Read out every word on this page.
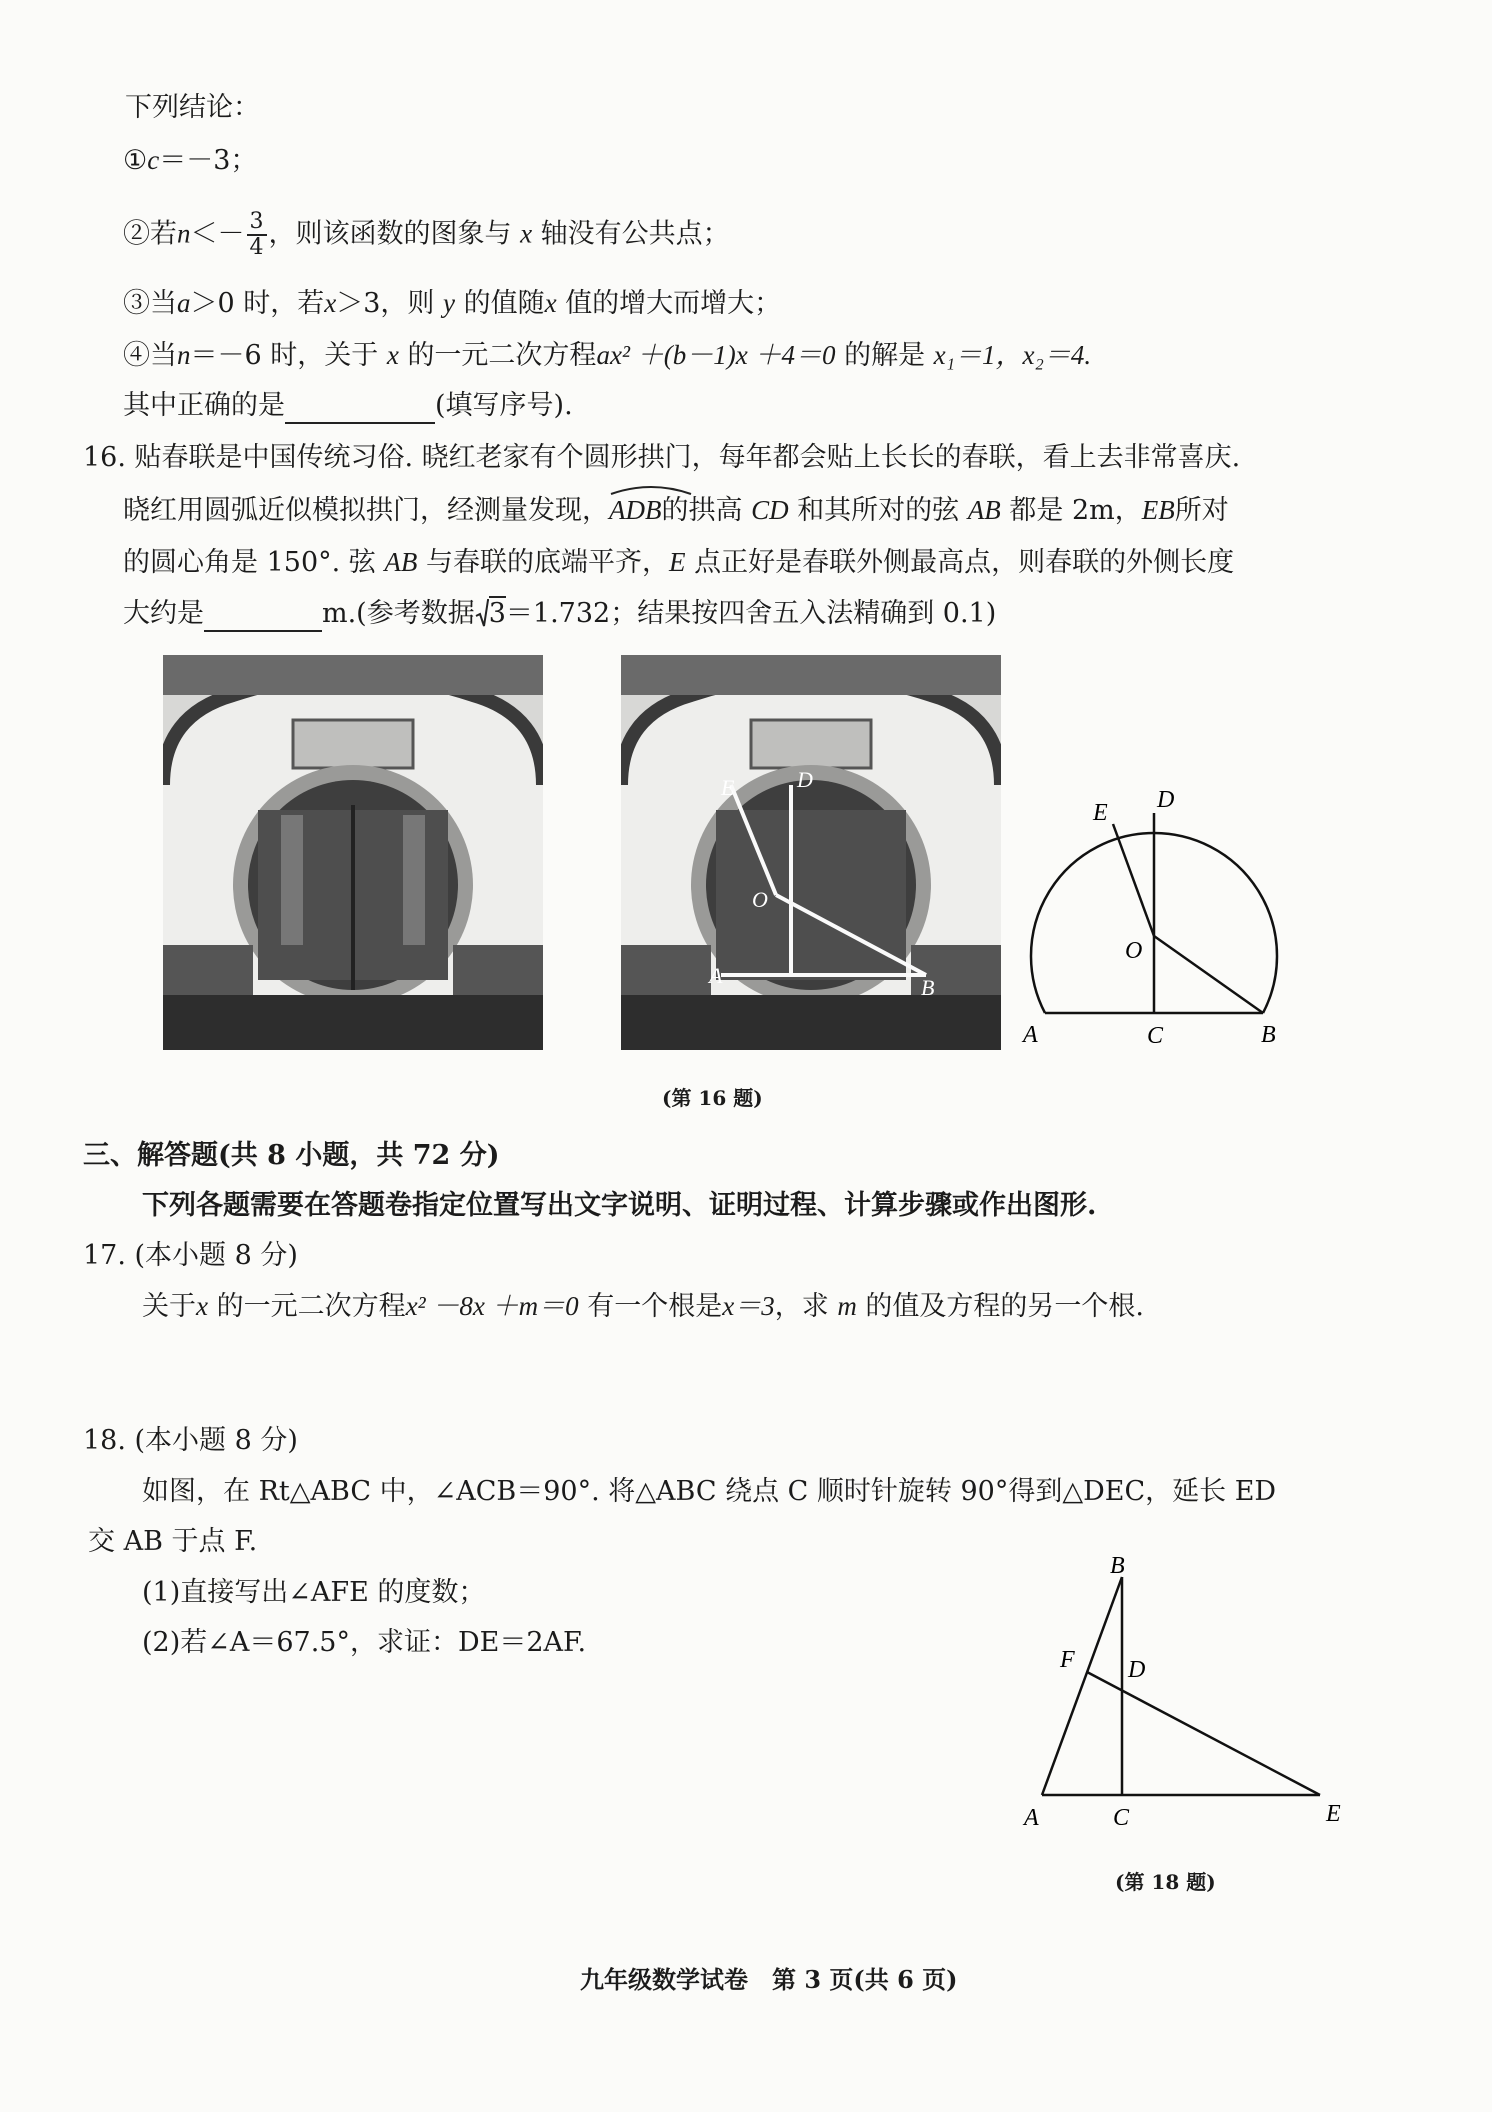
下列结论：
①c＝－3；
②若$n<- \frac{3}{4}$ ，则该函数的图象与 x 轴没有公共点；
③当a＞0 时，若x＞3，则 y 的值随x 值的增大而增大；
④当n＝－6 时，关于 x 的一元二次方程ax² ＋(b－1)x ＋4＝0 的解是 x₁＝1，x₂＝4.
其中正确的是	(填写序号).
16. 贴春联是中国传统习俗. 晓红老家有个圆形拱门，每年都会贴上长长的春联，看上去非常喜庆.
晓红用圆弧近似模拟拱门，经测量发现，
ADB的拱高 CD 和其所对的弦 AB 都是 2m，EB所对
的圆心角是 150°. 弦 AB 与春联的底端平齐，E 点正好是春联外侧最高点，则春联的外侧长度
大约是	m.(参考数据 3＝1.732；结果按四舍五入法精确到 0.1)
E	D
O
A	B
E D
O
A	C	B
(第 16 题)
三、解答题(共 8 小题，共 72 分)
下列各题需要在答题卷指定位置写出文字说明、证明过程、计算步骤或作出图形.
17. (本小题 8 分)
关于x 的一元二次方程x² －8x ＋m＝0 有一个根是x＝3，求 m 的值及方程的另一个根.
18. (本小题 8 分)
如图，在 Rt△ABC 中，∠ACB＝90°. 将△ABC 绕点 C 顺时针旋转 90°得到△DEC，延长 ED
交 AB 于点 F.
(1)直接写出∠AFE 的度数；
(2)若∠A＝67.5°，求证：DE＝2AF.
B
F D
A	C	E
(第 18 题)
九年级数学试卷　第 3 页(共 6 页)
